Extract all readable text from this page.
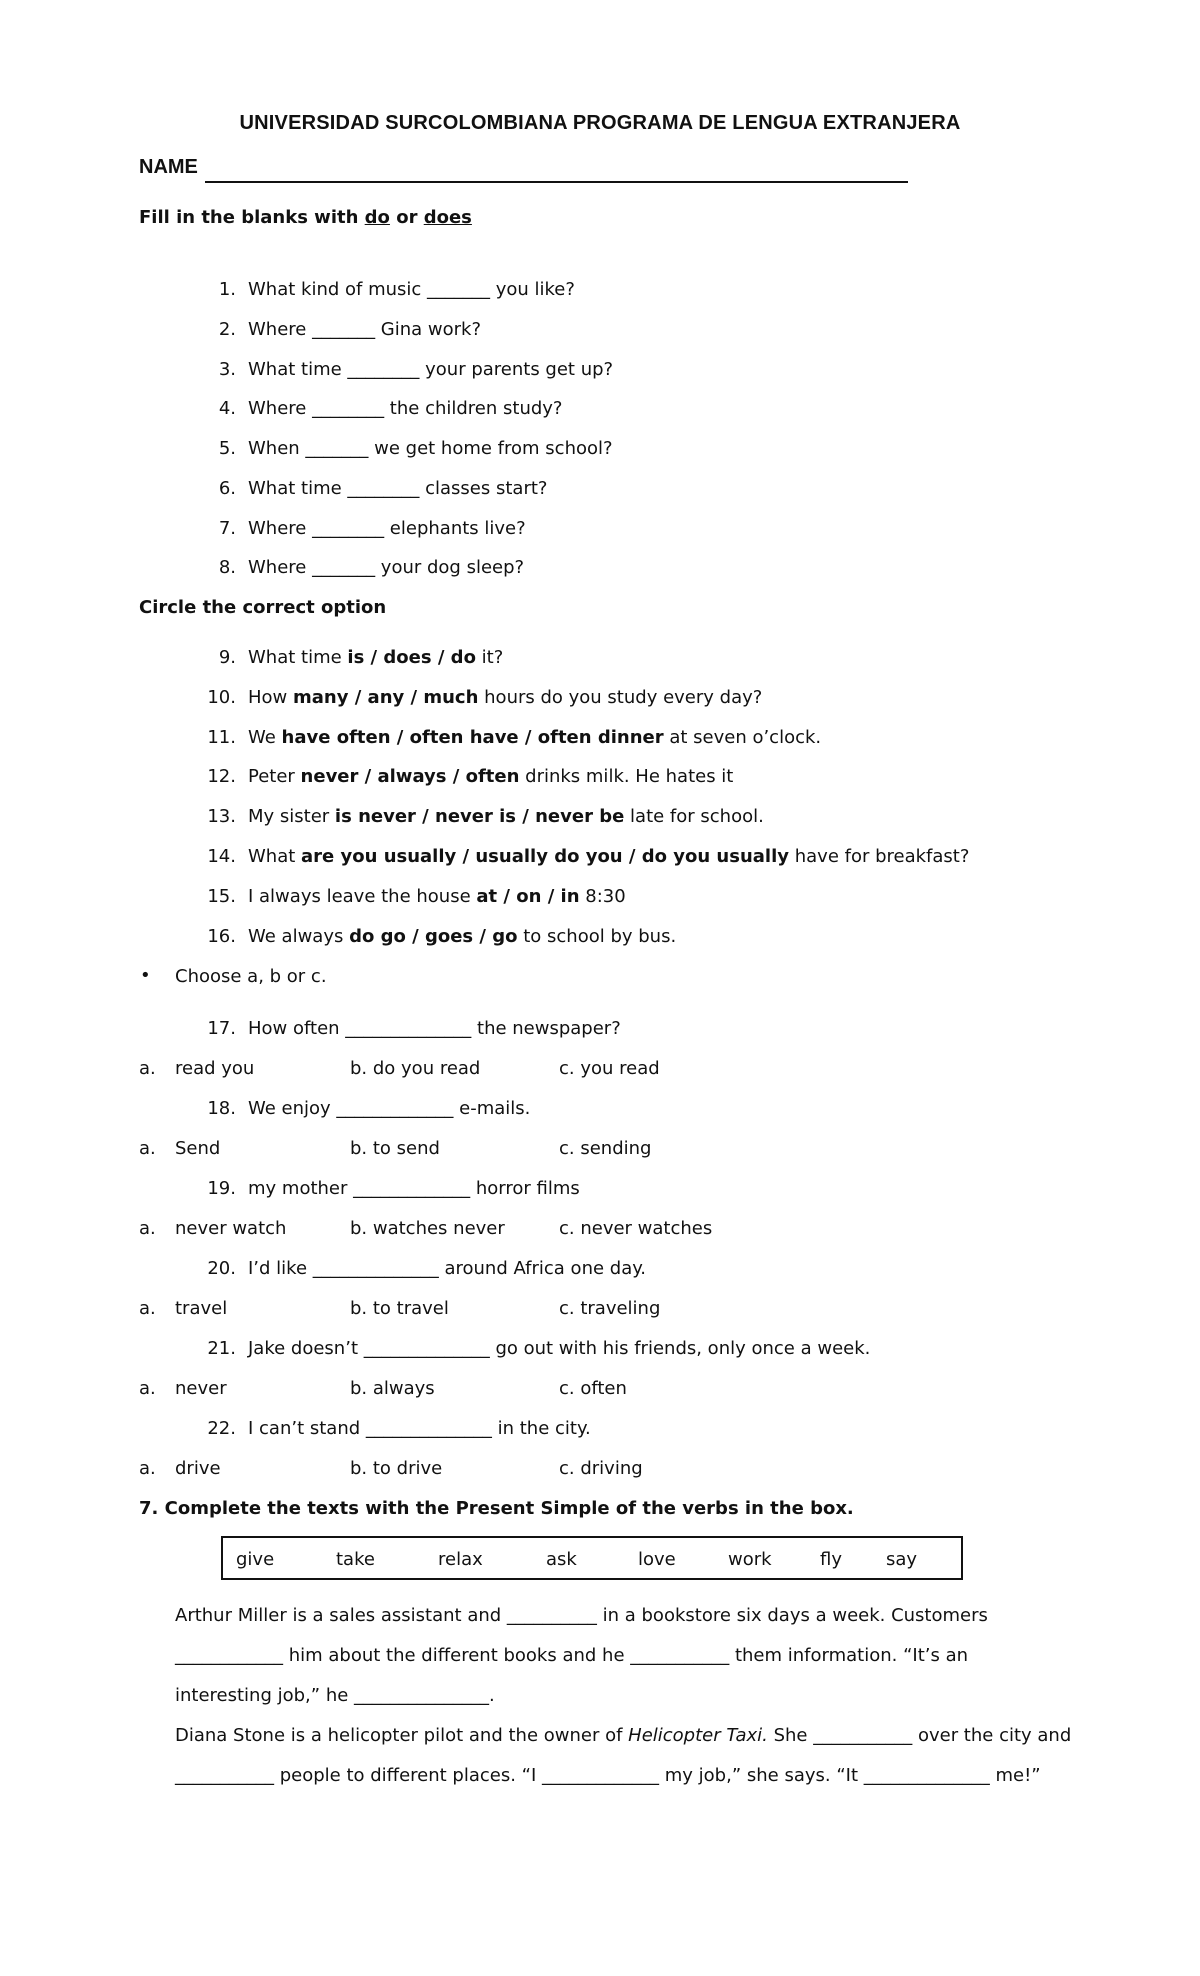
UNIVERSIDAD SURCOLOMBIANA PROGRAMA DE LENGUA EXTRANJERA
NAME
Fill in the blanks with do or does
1. What kind of music _______ you like?
2. Where _______ Gina work?
3. What time ________ your parents get up?
4. Where ________ the children study?
5. When _______ we get home from school?
6. What time ________ classes start?
7. Where ________ elephants live?
8. Where _______ your dog sleep?
Circle the correct option
9. What time is / does / do it?
10. How many / any / much hours do you study every day?
11. We have often / often have / often dinner at seven o’clock.
12. Peter never / always / often drinks milk. He hates it
13. My sister is never / never is / never be late for school.
14. What are you usually / usually do you / do you usually have for breakfast?
15. I always leave the house at / on / in 8:30
16. We always do go / goes / go to school by bus.
• Choose a, b or c.
17. How often ______________ the newspaper?
a. read you	b. do you read	c. you read
18. We enjoy _____________ e-mails.
a. Send	b. to send	c. sending
19. my mother _____________ horror films
a. never watch	b. watches never	c. never watches
20. I’d like ______________ around Africa one day.
a. travel	b. to travel	c. traveling
21. Jake doesn’t ______________ go out with his friends, only once a week.
a. never	b. always	c. often
22. I can’t stand ______________ in the city.
a. drive	b. to drive	c. driving
7. Complete the texts with the Present Simple of the verbs in the box.
give	take	relax	ask	love	work	fly say
Arthur Miller is a sales assistant and __________ in a bookstore six days a week. Customers
____________ him about the different books and he ___________ them information. “It’s an
interesting job,” he _______________.
Diana Stone is a helicopter pilot and the owner of Helicopter Taxi. She ___________ over the city and
___________ people to different places. “I _____________ my job,” she says. “It ______________ me!”
